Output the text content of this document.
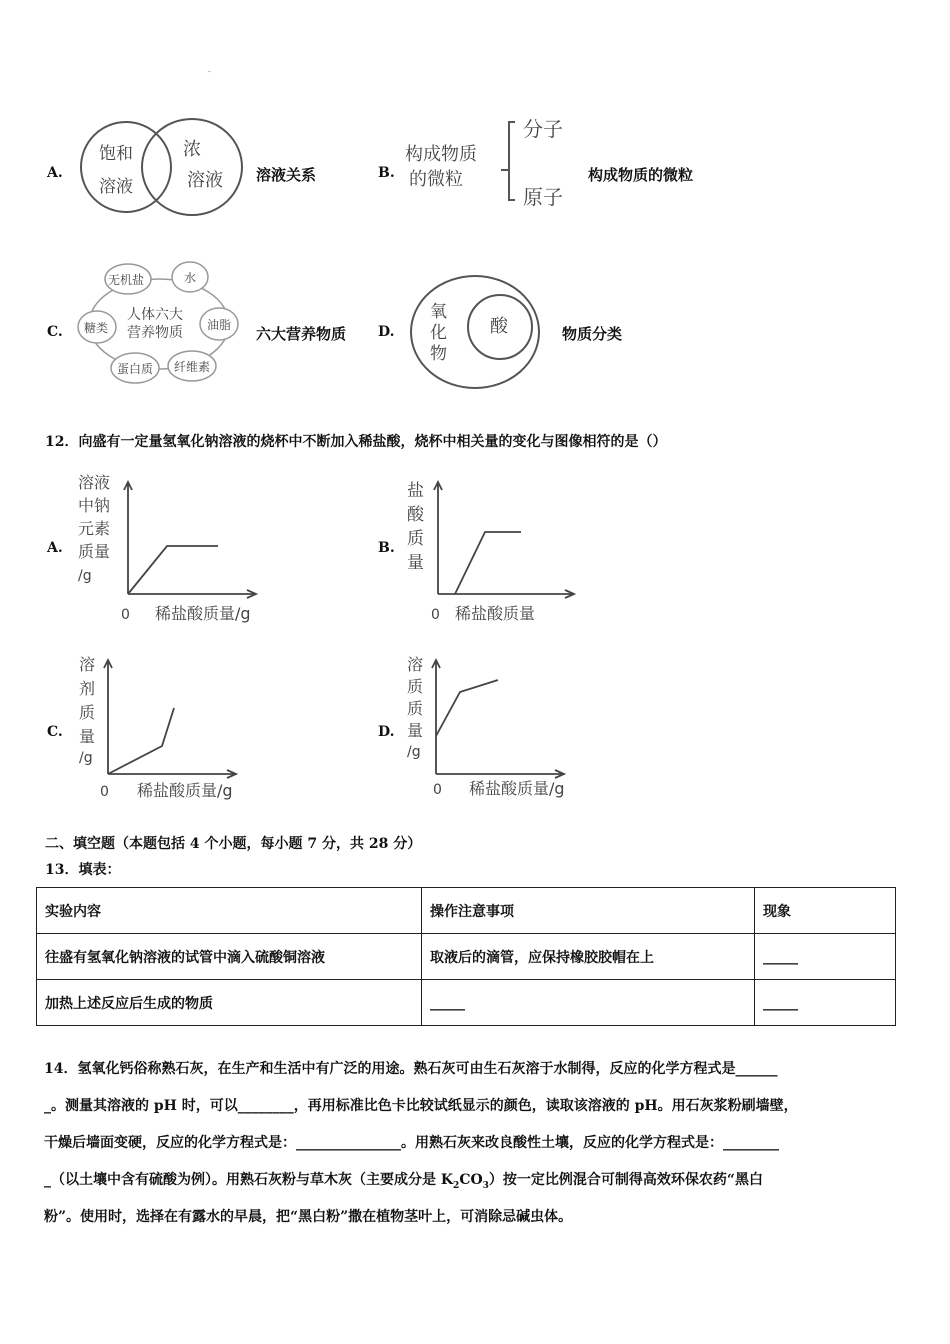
A.
饱和
溶液
浓
溶液 溶液关系	B.
构成物质
的微粒
分子
原子
构成物质的微粒
C.
人体六大
营养物质
无机盐	水
油脂
纤维素
蛋白质
糖类	六大营养物质 D.
氧
化
物
氧化物
酸	物质分类
12．向盛有一定量氢氧化钠溶液的烧杯中不断加入稀盐酸，烧杯中相关量的变化与图像相符的是（）
A.
溶液
中钠
元素
质量
/g
0 稀盐酸质量/g
B.
盐
酸
质
量
0 稀盐酸质量
C.
溶
剂
质
量
/g
0 稀盐酸质量/g
D.
溶
质
质
量
/g
0 稀盐酸质量/g
二、填空题（本题包括 4 个小题，每小题 7 分，共 28 分）
13．填表：
实验内容	操作注意事项	现象
往盛有氢氧化钠溶液的试管中滴入硫酸铜溶液	取液后的滴管，应保持橡胶胶帽在上	_____
加热上述反应后生成的物质	_____	_____
14．氢氧化钙俗称熟石灰，在生产和生活中有广泛的用途。熟石灰可由生石灰溶于水制得，反应的化学方程式是______
_。测量其溶液的 pH 时，可以________，再用标准比色卡比较试纸显示的颜色，读取该溶液的 pH。用石灰浆粉刷墙壁，
干燥后墙面变硬，反应的化学方程式是：_______________。用熟石灰来改良酸性土壤，反应的化学方程式是：________
_（以土壤中含有硫酸为例）。用熟石灰粉与草木灰（主要成分是 $K_2CO_3$）按一定比例混合可制得高效环保农药“黑白
粉”。使用时，选择在有露水的早晨，把“黑白粉”撒在植物茎叶上，可消除忌碱虫体。
